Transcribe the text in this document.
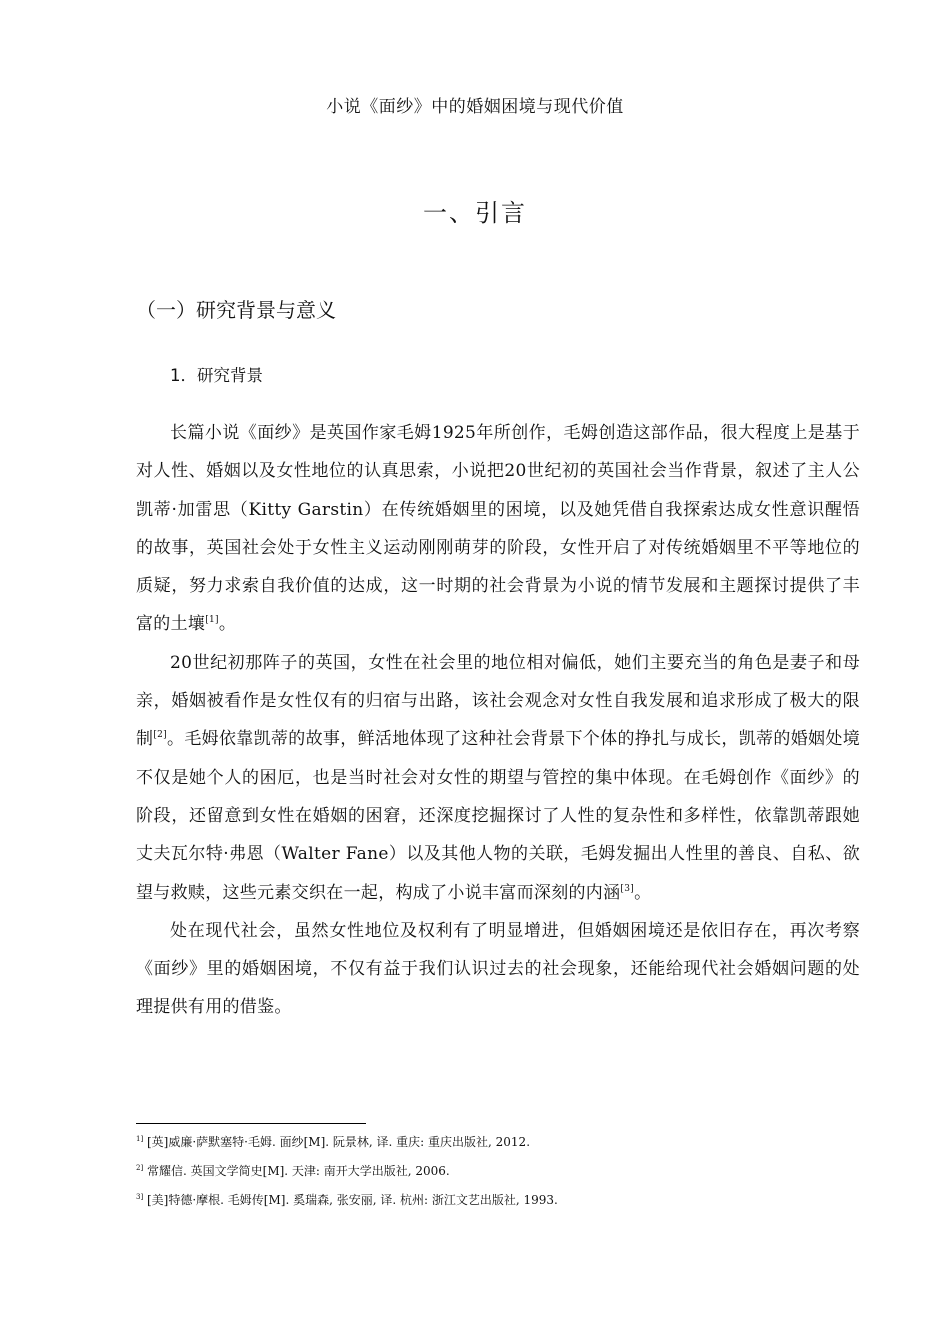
小说《面纱》中的婚姻困境与现代价值
一、引言
（一）研究背景与意义
1．研究背景

长篇小说《面纱》是英国作家毛姆1925年所创作，毛姆创造这部作品，很大程度上是基于对人性、婚姻以及女性地位的认真思索，小说把20世纪初的英国社会当作背景，叙述了主人公凯蒂·加雷思（Kitty Garstin）在传统婚姻里的困境，以及她凭借自我探索达成女性意识醒悟的故事，英国社会处于女性主义运动刚刚萌芽的阶段，女性开启了对传统婚姻里不平等地位的质疑，努力求索自我价值的达成，这一时期的社会背景为小说的情节发展和主题探讨提供了丰富的土壤[1]。

20世纪初那阵子的英国，女性在社会里的地位相对偏低，她们主要充当的角色是妻子和母亲，婚姻被看作是女性仅有的归宿与出路，该社会观念对女性自我发展和追求形成了极大的限制[2]。毛姆依靠凯蒂的故事，鲜活地体现了这种社会背景下个体的挣扎与成长，凯蒂的婚姻处境不仅是她个人的困厄，也是当时社会对女性的期望与管控的集中体现。在毛姆创作《面纱》的阶段，还留意到女性在婚姻的困窘，还深度挖掘探讨了人性的复杂性和多样性，依靠凯蒂跟她丈夫瓦尔特·弗恩（Walter Fane）以及其他人物的关联，毛姆发掘出人性里的善良、自私、欲望与救赎，这些元素交织在一起，构成了小说丰富而深刻的内涵[3]。

处在现代社会，虽然女性地位及权利有了明显增进，但婚姻困境还是依旧存在，再次考察《面纱》里的婚姻困境，不仅有益于我们认识过去的社会现象，还能给现代社会婚姻问题的处理提供有用的借鉴。

$^{1]}$ [英]威廉·萨默塞特·毛姆. 面纱[M]. 阮景林, 译. 重庆: 重庆出版社, 2012.
$^{2]}$ 常耀信. 英国文学简史[M]. 天津: 南开大学出版社, 2006.
$^{3]}$ [美]特德·摩根. 毛姆传[M]. 奚瑞森, 张安丽, 译. 杭州: 浙江文艺出版社, 1993.
